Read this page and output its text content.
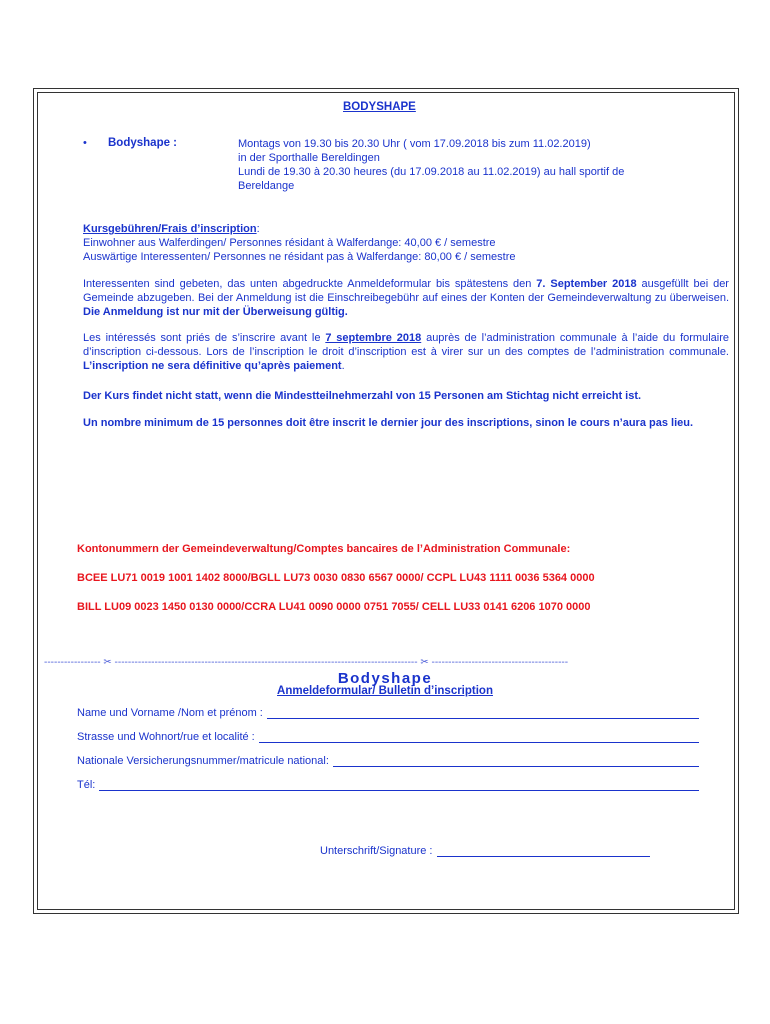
BODYSHAPE

• Bodyshape :	Montags von 19.30 bis 20.30 Uhr ( vom 17.09.2018 bis zum 11.02.2019)
in der Sporthalle Bereldingen
Lundi de 19.30 à 20.30 heures (du 17.09.2018 au 11.02.2019) au hall sportif de
Bereldange
Kursgebühren/Frais d’inscription:
Einwohner aus Walferdingen/ Personnes résidant à Walferdange: 40,00 € / semestre
Auswärtige Interessenten/ Personnes ne résidant pas à Walferdange: 80,00 € / semestre

Interessenten sind gebeten, das unten abgedruckte Anmeldeformular bis spätestens den 7. September 2018 ausgefüllt bei der Gemeinde abzugeben. Bei der Anmeldung ist die Einschreibegebühr auf eines der Konten der Gemeindeverwaltung zu überweisen. Die Anmeldung ist nur mit der Überweisung gültig.

Les intéressés sont priés de s’inscrire avant le 7 septembre 2018 auprès de l’administration communale à l’aide du formulaire d’inscription ci-dessous. Lors de l’inscription le droit d’inscription est à virer sur un des comptes de l’administration communale. L’inscription ne sera définitive qu’après paiement.

Der Kurs findet nicht statt, wenn die Mindestteilnehmerzahl von 15 Personen am Stichtag nicht erreicht ist.

Un nombre minimum de 15 personnes doit être inscrit le dernier jour des inscriptions, sinon le cours n’aura pas lieu.

Kontonummern der Gemeindeverwaltung/Comptes bancaires de l’Administration Communale:

BCEE LU71 0019 1001 1402 8000/BGLL LU73 0030 0830 6567 0000/ CCPL LU43 1111 0036 5364 0000

BILL LU09 0023 1450 0130 0000/CCRA LU41 0090 0000 0751 7055/ CELL LU33 0141 6206 1070 0000

----------------- ✂ ------------------------------------------------------------------------------------------- ✂ -----------------------------------------

Bodyshape

Anmeldeformular/ Bulletin d’inscription

Name und Vorname /Nom et prénom :
Strasse und Wohnort/rue et localité :
Nationale Versicherungsnummer/matricule national:
Tél:
Unterschrift/Signature :
